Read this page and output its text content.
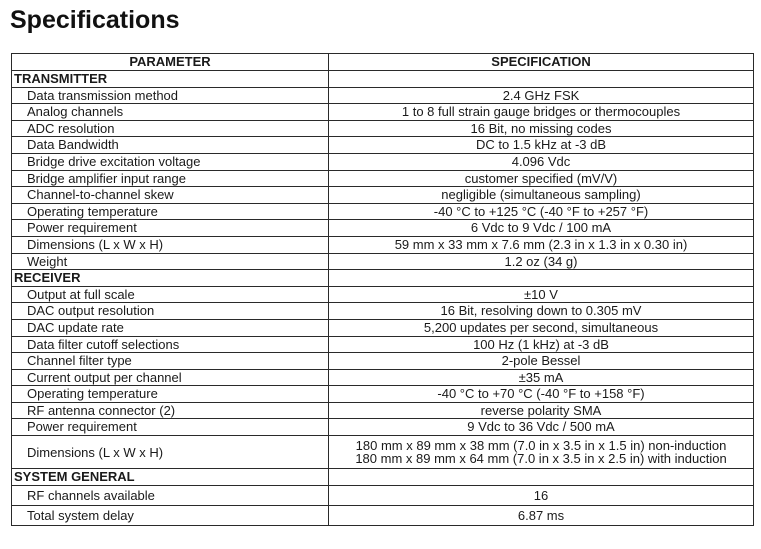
Specifications
PARAMETER	SPECIFICATION
TRANSMITTER	
Data transmission method	2.4 GHz FSK
Analog channels	1 to 8 full strain gauge bridges or thermocouples
ADC resolution	16 Bit, no missing codes
Data Bandwidth	DC to 1.5 kHz at -3 dB
Bridge drive excitation voltage	4.096 Vdc
Bridge amplifier input range	customer specified (mV/V)
Channel-to-channel skew	negligible (simultaneous sampling)
Operating temperature	-40 °C to +125 °C (-40 °F to +257 °F)
Power requirement	6 Vdc to 9 Vdc / 100 mA
Dimensions (L x W x H)	59 mm x 33 mm x 7.6 mm (2.3 in x 1.3 in x 0.30 in)
Weight	1.2 oz (34 g)
RECEIVER	
Output at full scale	±10 V
DAC output resolution	16 Bit, resolving down to 0.305 mV
DAC update rate	5,200 updates per second, simultaneous
Data filter cutoff selections	100 Hz (1 kHz) at -3 dB
Channel filter type	2-pole Bessel
Current output per channel	±35 mA
Operating temperature	-40 °C to +70 °C (-40 °F to +158 °F)
RF antenna connector (2)	reverse polarity SMA
Power requirement	9 Vdc to 36 Vdc / 500 mA
Dimensions (L x W x H)	180 mm x 89 mm x 38 mm (7.0 in x 3.5 in x 1.5 in) non-induction
180 mm x 89 mm x 64 mm (7.0 in x 3.5 in x 2.5 in) with induction

SYSTEM GENERAL	
RF channels available	16
Total system delay	6.87 ms
